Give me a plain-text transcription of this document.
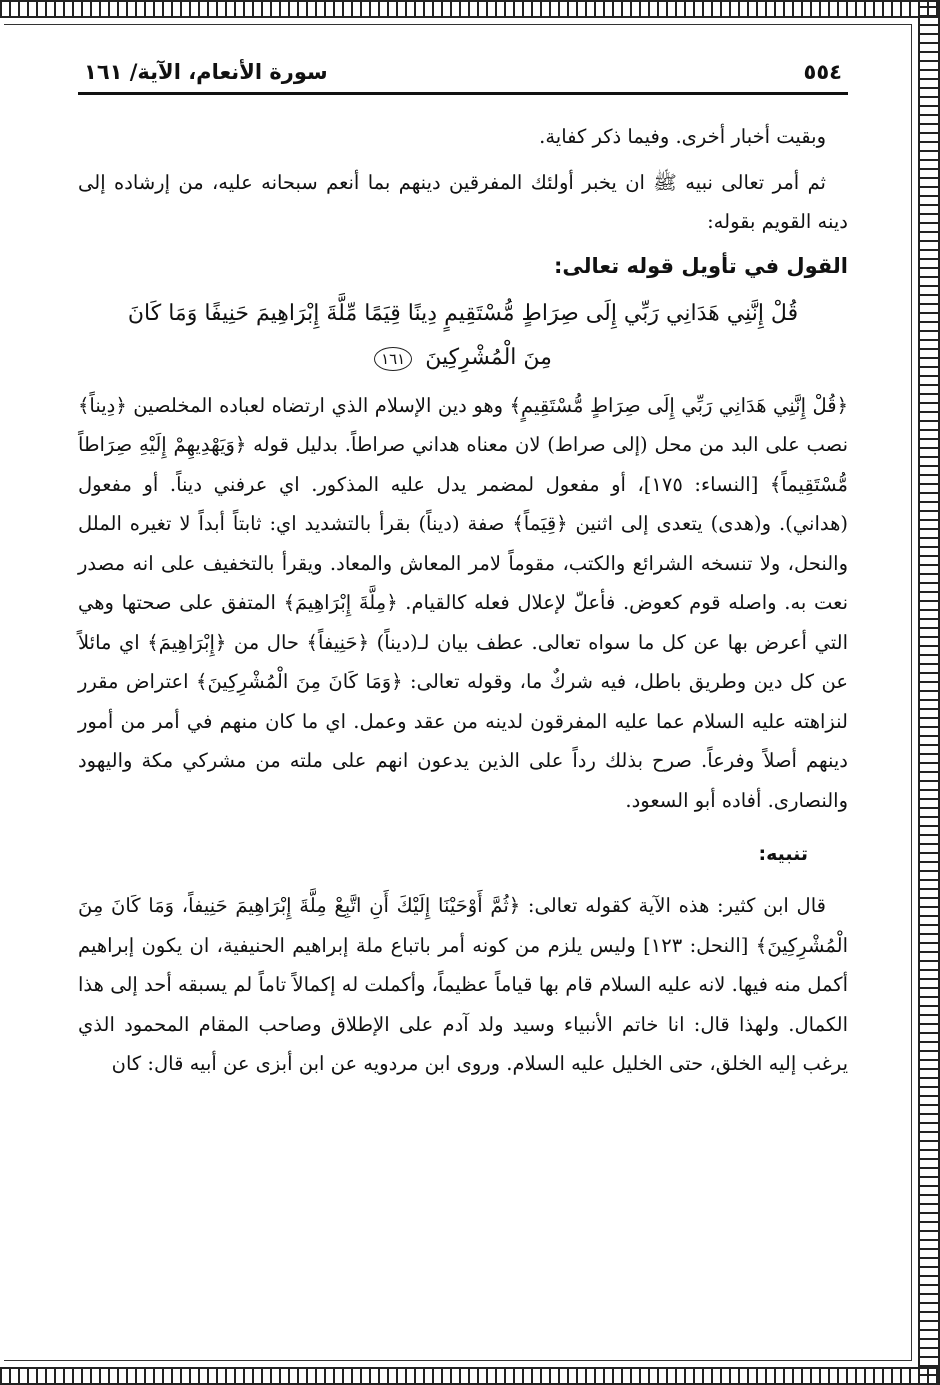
٥٥٤
سورة الأنعام، الآية/ ١٦١

وبقيت أخبار أخرى. وفيما ذكر كفاية.

ثم أمر تعالى نبيه ﷺ ان يخبر أولئك المفرقين دينهم بما أنعم سبحانه عليه، من إرشاده إلى دينه القويم بقوله:

القول في تأويل قوله تعالى:

قُلْ إِنَّنِي هَدَانِي رَبِّي إِلَى صِرَاطٍ مُّسْتَقِيمٍ دِينًا قِيَمًا مِّلَّةَ إِبْرَاهِيمَ حَنِيفًا وَمَا كَانَ
مِنَ الْمُشْرِكِينَ ١٦١

﴿قُلْ إِنَّنِي هَدَانِي رَبِّي إِلَى صِرَاطٍ مُّسْتَقِيمٍ﴾ وهو دين الإسلام الذي ارتضاه لعباده المخلصين ﴿دِيناً﴾ نصب على البد من محل (إلى صراط) لان معناه هداني صراطاً. بدليل قوله ﴿وَيَهْدِيهِمْ إِلَيْهِ صِرَاطاً مُّسْتَقِيماً﴾ [النساء: ١٧٥]، أو مفعول لمضمر يدل عليه المذكور. اي عرفني ديناً. أو مفعول (هداني). و(هدى) يتعدى إلى اثنين ﴿قِيَماً﴾ صفة (ديناً) بقرأ بالتشديد اي: ثابتاً أبداً لا تغيره الملل والنحل، ولا تنسخه الشرائع والكتب، مقوماً لامر المعاش والمعاد. ويقرأ بالتخفيف على انه مصدر نعت به. واصله قوم كعوض. فأعلّ لإعلال فعله كالقيام. ﴿مِلَّةَ إِبْرَاهِيمَ﴾ المتفق على صحتها وهي التي أعرض بها عن كل ما سواه تعالى. عطف بيان لـ(ديناً) ﴿حَنِيفاً﴾ حال من ﴿إِبْرَاهِيمَ﴾ اي مائلاً عن كل دين وطريق باطل، فيه شركٌ ما، وقوله تعالى: ﴿وَمَا كَانَ مِنَ الْمُشْرِكِينَ﴾ اعتراض مقرر لنزاهته عليه السلام عما عليه المفرقون لدينه من عقد وعمل. اي ما كان منهم في أمر من أمور دينهم أصلاً وفرعاً. صرح بذلك رداً على الذين يدعون انهم على ملته من مشركي مكة واليهود والنصارى. أفاده أبو السعود.

تنبيه:

قال ابن كثير: هذه الآية كقوله تعالى: ﴿ثُمَّ أَوْحَيْنَا إِلَيْكَ أَنِ اتَّبِعْ مِلَّةَ إِبْرَاهِيمَ حَنِيفاً، وَمَا كَانَ مِنَ الْمُشْرِكِينَ﴾ [النحل: ١٢٣] وليس يلزم من كونه أمر باتباع ملة إبراهيم الحنيفية، ان يكون إبراهيم أكمل منه فيها. لانه عليه السلام قام بها قياماً عظيماً، وأكملت له إكمالاً تاماً لم يسبقه أحد إلى هذا الكمال. ولهذا قال: انا خاتم الأنبياء وسيد ولد آدم على الإطلاق وصاحب المقام المحمود الذي يرغب إليه الخلق، حتى الخليل عليه السلام. وروى ابن مردويه عن ابن أبزى عن أبيه قال: كان
